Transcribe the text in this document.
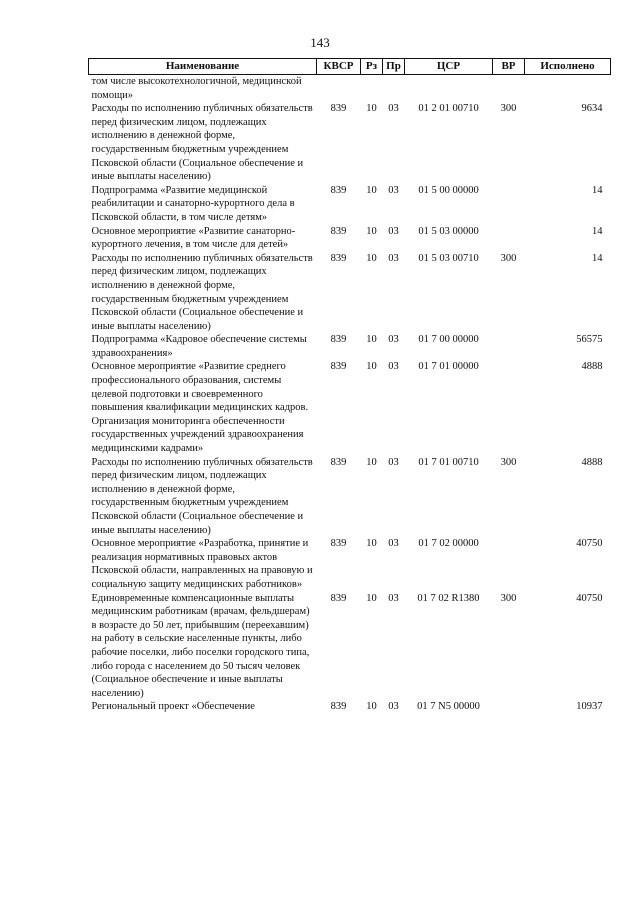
143
Наименование	КВСР	Рз	Пр	ЦСР	ВР	Исполнено
том числе высокотехнологичной, медицинской помощи»						
Расходы по исполнению публичных обязательств перед физическим лицом, подлежащих исполнению в денежной форме, государственным бюджетным учреждением Псковской области (Социальное обеспечение и иные выплаты населению)	839	10	03	01 2 01 00710	300	9634
Подпрограмма «Развитие медицинской реабилитации и санаторно-курортного дела в Псковской области, в том числе детям»	839	10	03	01 5 00 00000		14
Основное мероприятие «Развитие санаторно-курортного лечения, в том числе для детей»	839	10	03	01 5 03 00000		14
Расходы по исполнению публичных обязательств перед физическим лицом, подлежащих исполнению в денежной форме, государственным бюджетным учреждением Псковской области (Социальное обеспечение и иные выплаты населению)	839	10	03	01 5 03 00710	300	14
Подпрограмма «Кадровое обеспечение системы здравоохранения»	839	10	03	01 7 00 00000		56575
Основное мероприятие «Развитие среднего профессионального образования, системы целевой подготовки и своевременного повышения квалификации медицинских кадров. Организация мониторинга обеспеченности государственных учреждений здравоохранения медицинскими кадрами»	839	10	03	01 7 01 00000		4888
Расходы по исполнению публичных обязательств перед физическим лицом, подлежащих исполнению в денежной форме, государственным бюджетным учреждением Псковской области (Социальное обеспечение и иные выплаты населению)	839	10	03	01 7 01 00710	300	4888
Основное мероприятие «Разработка, принятие и реализация нормативных правовых актов Псковской области, направленных на правовую и социальную защиту медицинских работников»	839	10	03	01 7 02 00000		40750
Единовременные компенсационные выплаты медицинским работникам (врачам, фельдшерам) в возрасте до 50 лет, прибывшим (переехавшим) на работу в сельские населенные пункты, либо рабочие поселки, либо поселки городского типа, либо города с населением до 50 тысяч человек (Социальное обеспечение и иные выплаты населению)	839	10	03	01 7 02 R1380	300	40750
Региональный проект «Обеспечение	839	10	03	01 7 N5 00000		10937
